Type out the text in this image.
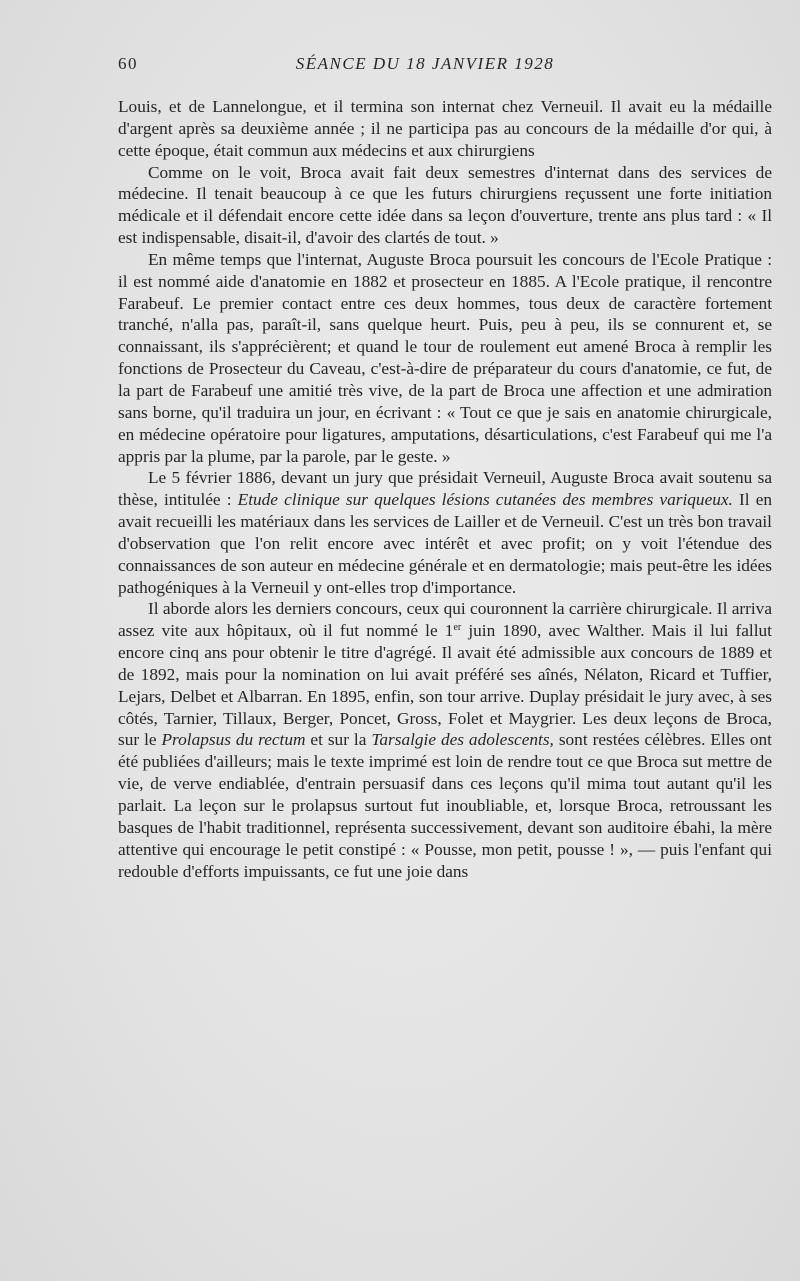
60	SÉANCE DU 18 JANVIER 1928

Louis, et de Lannelongue, et il termina son internat chez Verneuil. Il avait eu la médaille d'argent après sa deuxième année ; il ne participa pas au concours de la médaille d'or qui, à cette époque, était commun aux médecins et aux chirurgiens

Comme on le voit, Broca avait fait deux semestres d'internat dans des services de médecine. Il tenait beaucoup à ce que les futurs chirurgiens reçussent une forte initiation médicale et il défendait encore cette idée dans sa leçon d'ouverture, trente ans plus tard : « Il est indispensable, disait-il, d'avoir des clartés de tout. »

En même temps que l'internat, Auguste Broca poursuit les concours de l'Ecole Pratique : il est nommé aide d'anatomie en 1882 et prosecteur en 1885. A l'Ecole pratique, il rencontre Farabeuf. Le premier contact entre ces deux hommes, tous deux de caractère fortement tranché, n'alla pas, paraît-il, sans quelque heurt. Puis, peu à peu, ils se connurent et, se connaissant, ils s'apprécièrent; et quand le tour de roulement eut amené Broca à remplir les fonctions de Prosecteur du Caveau, c'est-à-dire de préparateur du cours d'anatomie, ce fut, de la part de Farabeuf une amitié très vive, de la part de Broca une affection et une admiration sans borne, qu'il traduira un jour, en écrivant : « Tout ce que je sais en anatomie chirurgicale, en médecine opératoire pour ligatures, amputations, désarticulations, c'est Farabeuf qui me l'a appris par la plume, par la parole, par le geste. »

Le 5 février 1886, devant un jury que présidait Verneuil, Auguste Broca avait soutenu sa thèse, intitulée : Etude clinique sur quelques lésions cutanées des membres variqueux. Il en avait recueilli les matériaux dans les services de Lailler et de Verneuil. C'est un très bon travail d'observation que l'on relit encore avec intérêt et avec profit; on y voit l'étendue des connaissances de son auteur en médecine générale et en dermatologie; mais peut-être les idées pathogéniques à la Verneuil y ont-elles trop d'importance.

Il aborde alors les derniers concours, ceux qui couronnent la carrière chirurgicale. Il arriva assez vite aux hôpitaux, où il fut nommé le 1er juin 1890, avec Walther. Mais il lui fallut encore cinq ans pour obtenir le titre d'agrégé. Il avait été admissible aux concours de 1889 et de 1892, mais pour la nomination on lui avait préféré ses aînés, Nélaton, Ricard et Tuffier, Lejars, Delbet et Albarran. En 1895, enfin, son tour arrive. Duplay présidait le jury avec, à ses côtés, Tarnier, Tillaux, Berger, Poncet, Gross, Folet et Maygrier. Les deux leçons de Broca, sur le Prolapsus du rectum et sur la Tarsalgie des adolescents, sont restées célèbres. Elles ont été publiées d'ailleurs; mais le texte imprimé est loin de rendre tout ce que Broca sut mettre de vie, de verve endiablée, d'entrain persuasif dans ces leçons qu'il mima tout autant qu'il les parlait. La leçon sur le prolapsus surtout fut inoubliable, et, lorsque Broca, retroussant les basques de l'habit traditionnel, représenta successivement, devant son auditoire ébahi, la mère attentive qui encourage le petit constipé : « Pousse, mon petit, pousse ! », — puis l'enfant qui redouble d'efforts impuissants, ce fut une joie dans
